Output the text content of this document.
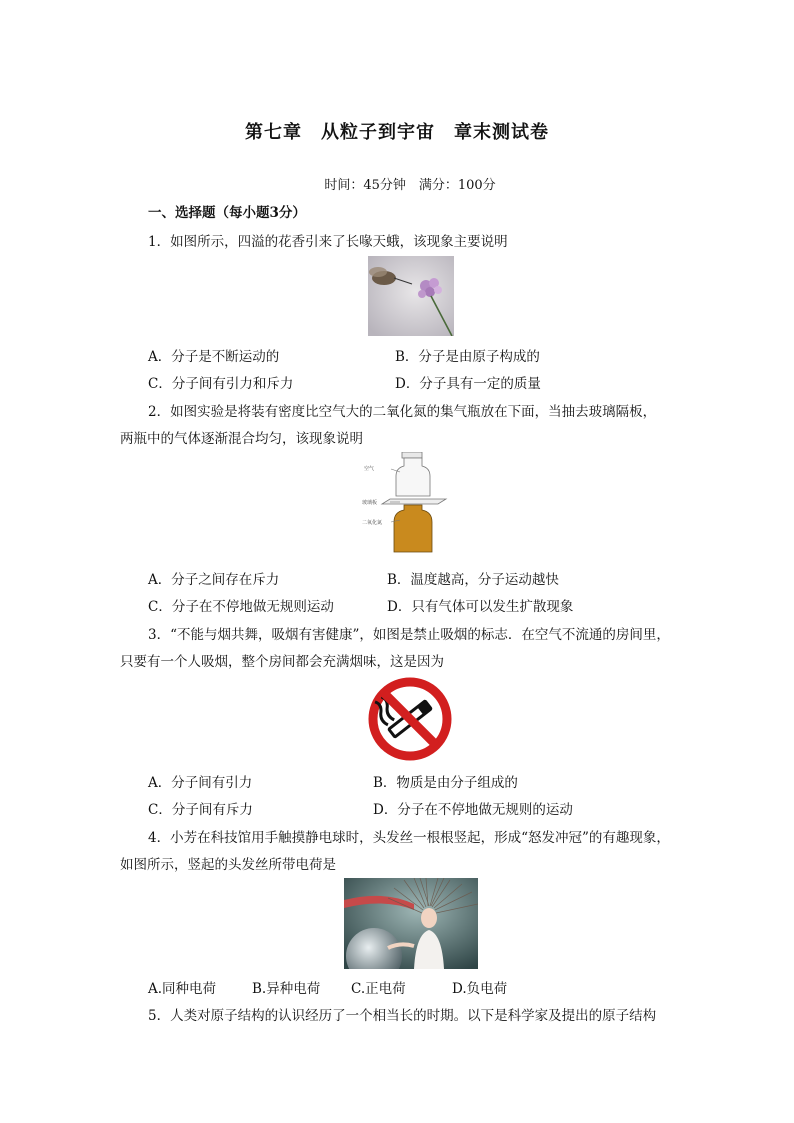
第七章　从粒子到宇宙　章末测试卷
时间：45分钟　满分：100分
一、选择题（每小题3分）
1．如图所示，四溢的花香引来了长喙天蛾，该现象主要说明
A．分子是不断运动的	B．分子是由原子构成的
C．分子间有引力和斥力	D．分子具有一定的质量
2．如图实验是将装有密度比空气大的二氧化氮的集气瓶放在下面，当抽去玻璃隔板，
两瓶中的气体逐渐混合均匀，该现象说明
空气
玻璃板
二氧化氮
A．分子之间存在斥力	B．温度越高，分子运动越快
C．分子在不停地做无规则运动	D．只有气体可以发生扩散现象
3．“不能与烟共舞，吸烟有害健康”，如图是禁止吸烟的标志．在空气不流通的房间里，
只要有一个人吸烟，整个房间都会充满烟味，这是因为
A．分子间有引力	B．物质是由分子组成的
C．分子间有斥力	D．分子在不停地做无规则的运动
4．小芳在科技馆用手触摸静电球时，头发丝一根根竖起，形成“怒发冲冠”的有趣现象，
如图所示，竖起的头发丝所带电荷是
A.同种电荷	B.异种电荷 C.正电荷	D.负电荷
5．人类对原子结构的认识经历了一个相当长的时期。以下是科学家及提出的原子结构
